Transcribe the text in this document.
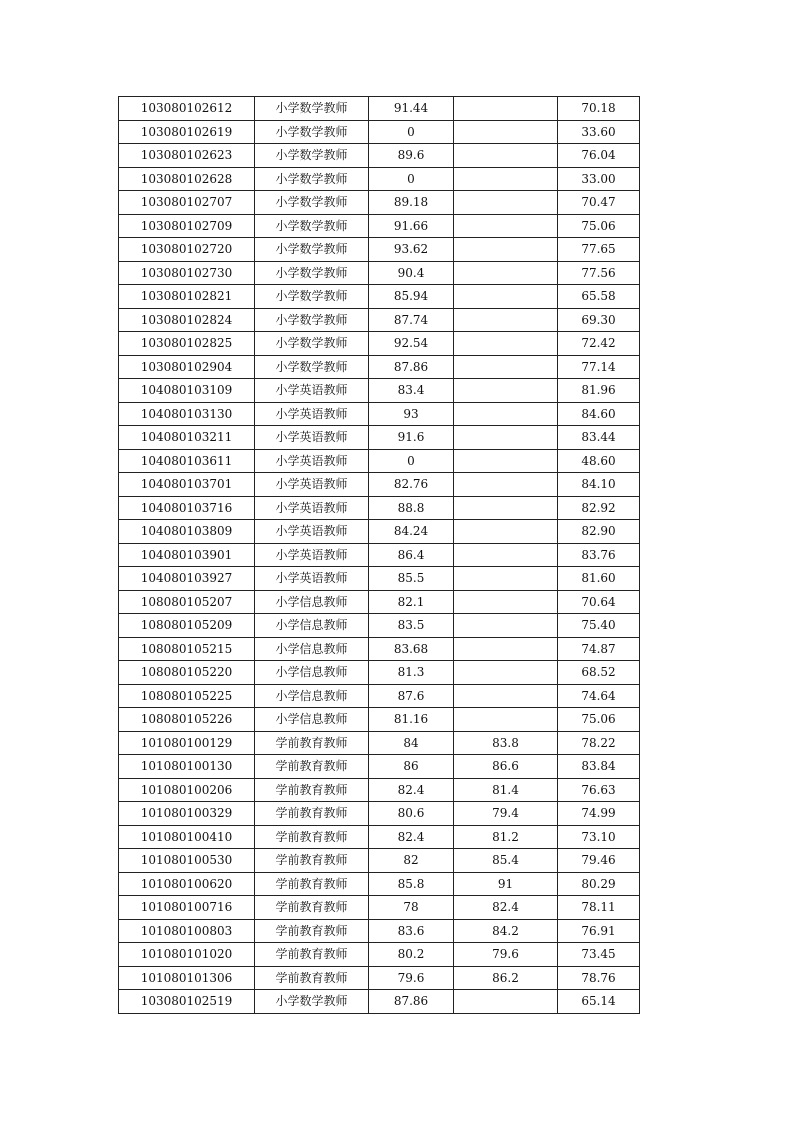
103080102612	小学数学教师	91.44		70.18
103080102619	小学数学教师	0		33.60
103080102623	小学数学教师	89.6		76.04
103080102628	小学数学教师	0		33.00
103080102707	小学数学教师	89.18		70.47
103080102709	小学数学教师	91.66		75.06
103080102720	小学数学教师	93.62		77.65
103080102730	小学数学教师	90.4		77.56
103080102821	小学数学教师	85.94		65.58
103080102824	小学数学教师	87.74		69.30
103080102825	小学数学教师	92.54		72.42
103080102904	小学数学教师	87.86		77.14
104080103109	小学英语教师	83.4		81.96
104080103130	小学英语教师	93		84.60
104080103211	小学英语教师	91.6		83.44
104080103611	小学英语教师	0		48.60
104080103701	小学英语教师	82.76		84.10
104080103716	小学英语教师	88.8		82.92
104080103809	小学英语教师	84.24		82.90
104080103901	小学英语教师	86.4		83.76
104080103927	小学英语教师	85.5		81.60
108080105207	小学信息教师	82.1		70.64
108080105209	小学信息教师	83.5		75.40
108080105215	小学信息教师	83.68		74.87
108080105220	小学信息教师	81.3		68.52
108080105225	小学信息教师	87.6		74.64
108080105226	小学信息教师	81.16		75.06
101080100129	学前教育教师	84	83.8	78.22
101080100130	学前教育教师	86	86.6	83.84
101080100206	学前教育教师	82.4	81.4	76.63
101080100329	学前教育教师	80.6	79.4	74.99
101080100410	学前教育教师	82.4	81.2	73.10
101080100530	学前教育教师	82	85.4	79.46
101080100620	学前教育教师	85.8	91	80.29
101080100716	学前教育教师	78	82.4	78.11
101080100803	学前教育教师	83.6	84.2	76.91
101080101020	学前教育教师	80.2	79.6	73.45
101080101306	学前教育教师	79.6	86.2	78.76
103080102519	小学数学教师	87.86		65.14
